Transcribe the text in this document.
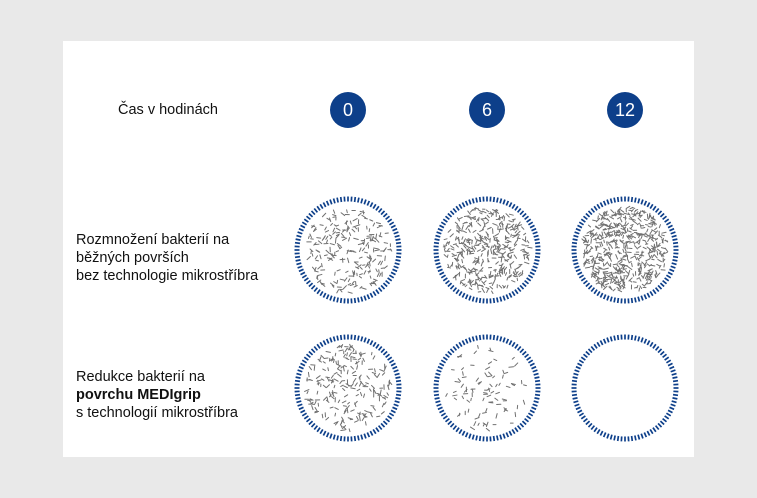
Čas v hodinách	0	6	12
Rozmnožení bakterií na
běžných površích
bez technologie mikrostříbra
Redukce bakterií na
povrchu MEDIgrip
s technologií mikrostříbra
